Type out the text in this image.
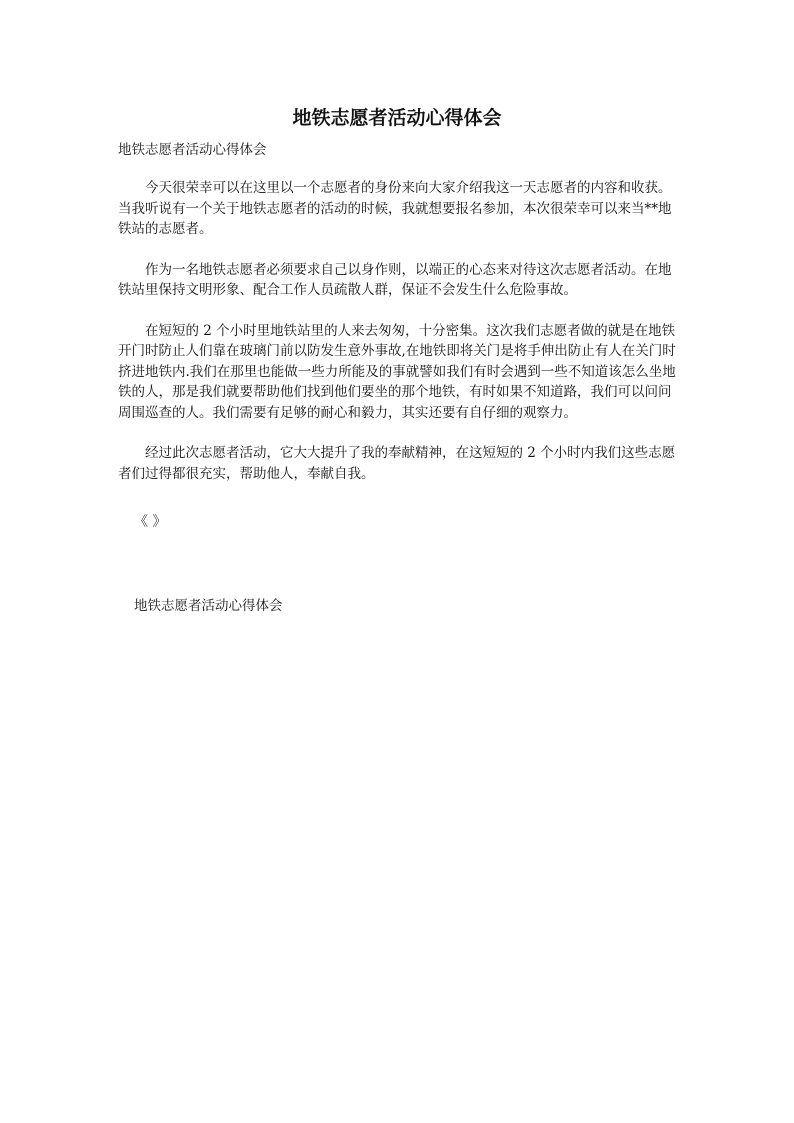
地铁志愿者活动心得体会

地铁志愿者活动心得体会

今天很荣幸可以在这里以一个志愿者的身份来向大家介绍我这一天志愿者的内容和收获。当我听说有一个关于地铁志愿者的活动的时候，我就想要报名参加，本次很荣幸可以来当**地铁站的志愿者。

作为一名地铁志愿者必须要求自己以身作则，以端正的心态来对待这次志愿者活动。在地铁站里保持文明形象、配合工作人员疏散人群，保证不会发生什么危险事故。

在短短的 2 个小时里地铁站里的人来去匆匆，十分密集。这次我们志愿者做的就是在地铁开门时防止人们靠在玻璃门前以防发生意外事故,在地铁即将关门是将手伸出防止有人在关门时挤进地铁内.我们在那里也能做一些力所能及的事就譬如我们有时会遇到一些不知道该怎么坐地铁的人，那是我们就要帮助他们找到他们要坐的那个地铁，有时如果不知道路，我们可以问问周围巡查的人。我们需要有足够的耐心和毅力，其实还要有自仔细的观察力。

经过此次志愿者活动，它大大提升了我的奉献精神，在这短短的 2 个小时内我们这些志愿者们过得都很充实，帮助他人，奉献自我。

《 》

地铁志愿者活动心得体会
